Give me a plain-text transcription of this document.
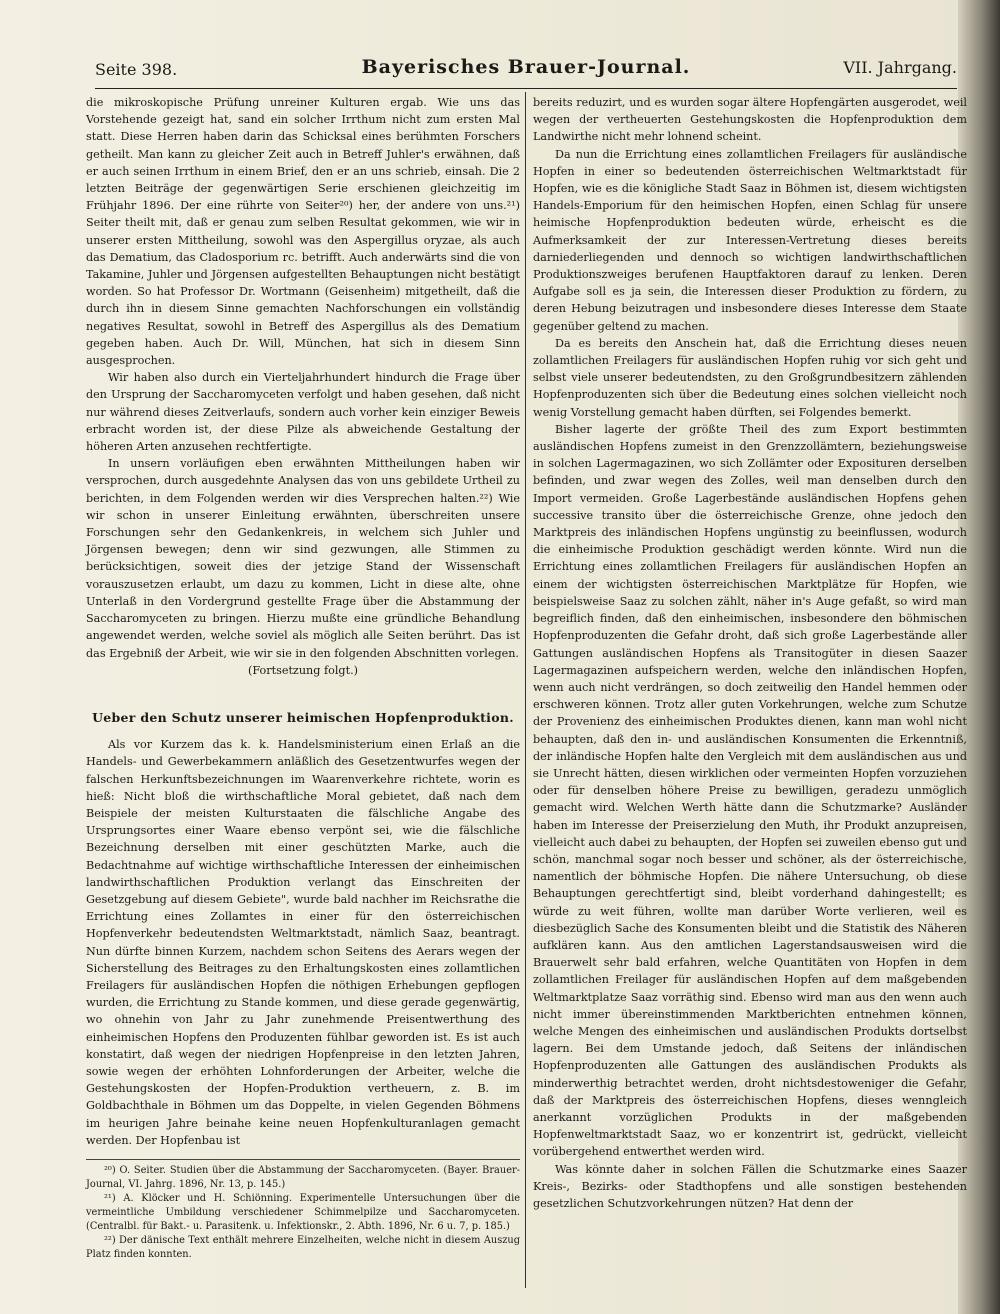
Seite 398.	Bayerisches Brauer-Journal.	VII. Jahrgang.

die mikroskopische Prüfung unreiner Kulturen ergab. Wie uns das Vorstehende gezeigt hat, sand ein solcher Irrthum nicht zum ersten Mal statt. Diese Herren haben darin das Schicksal eines berühmten Forschers getheilt. Man kann zu gleicher Zeit auch in Betreff Juhler's erwähnen, daß er auch seinen Irrthum in einem Brief, den er an uns schrieb, einsah. Die 2 letzten Beiträge der gegenwärtigen Serie erschienen gleichzeitig im Frühjahr 1896. Der eine rührte von Seiter²⁰) her, der andere von uns.²¹) Seiter theilt mit, daß er genau zum selben Resultat gekommen, wie wir in unserer ersten Mittheilung, sowohl was den Aspergillus oryzae, als auch das Dematium, das Cladosporium rc. betrifft. Auch anderwärts sind die von Takamine, Juhler und Jörgensen aufgestellten Behauptungen nicht bestätigt worden. So hat Professor Dr. Wortmann (Geisenheim) mitgetheilt, daß die durch ihn in diesem Sinne gemachten Nachforschungen ein vollständig negatives Resultat, sowohl in Betreff des Aspergillus als des Dematium gegeben haben. Auch Dr. Will, München, hat sich in diesem Sinn ausgesprochen.

Wir haben also durch ein Vierteljahrhundert hindurch die Frage über den Ursprung der Saccharomyceten verfolgt und haben gesehen, daß nicht nur während dieses Zeitverlaufs, sondern auch vorher kein einziger Beweis erbracht worden ist, der diese Pilze als abweichende Gestaltung der höheren Arten anzusehen rechtfertigte.

In unsern vorläufigen eben erwähnten Mittheilungen haben wir versprochen, durch ausgedehnte Analysen das von uns gebildete Urtheil zu berichten, in dem Folgenden werden wir dies Versprechen halten.²²) Wie wir schon in unserer Einleitung erwähnten, überschreiten unsere Forschungen sehr den Gedankenkreis, in welchem sich Juhler und Jörgensen bewegen; denn wir sind gezwungen, alle Stimmen zu berücksichtigen, soweit dies der jetzige Stand der Wissenschaft vorauszusetzen erlaubt, um dazu zu kommen, Licht in diese alte, ohne Unterlaß in den Vordergrund gestellte Frage über die Abstammung der Saccharomyceten zu bringen. Hierzu mußte eine gründliche Behandlung angewendet werden, welche soviel als möglich alle Seiten berührt. Das ist das Ergebniß der Arbeit, wie wir sie in den folgenden Abschnitten vorlegen.

(Fortsetzung folgt.)

Ueber den Schutz unserer heimischen Hopfenproduktion.

Als vor Kurzem das k. k. Handelsministerium einen Erlaß an die Handels- und Gewerbekammern anläßlich des Gesetzentwurfes wegen der falschen Herkunftsbezeichnungen im Waarenverkehre richtete, worin es hieß: Nicht bloß die wirthschaftliche Moral gebietet, daß nach dem Beispiele der meisten Kulturstaaten die fälschliche Angabe des Ursprungsortes einer Waare ebenso verpönt sei, wie die fälschliche Bezeichnung derselben mit einer geschützten Marke, auch die Bedachtnahme auf wichtige wirthschaftliche Interessen der einheimischen landwirthschaftlichen Produktion verlangt das Einschreiten der Gesetzgebung auf diesem Gebiete", wurde bald nachher im Reichsrathe die Errichtung eines Zollamtes in einer für den österreichischen Hopfenverkehr bedeutendsten Weltmarktstadt, nämlich Saaz, beantragt. Nun dürfte binnen Kurzem, nachdem schon Seitens des Aerars wegen der Sicherstellung des Beitrages zu den Erhaltungskosten eines zollamtlichen Freilagers für ausländischen Hopfen die nöthigen Erhebungen gepflogen wurden, die Errichtung zu Stande kommen, und diese gerade gegenwärtig, wo ohnehin von Jahr zu Jahr zunehmende Preisentwerthung des einheimischen Hopfens den Produzenten fühlbar geworden ist. Es ist auch konstatirt, daß wegen der niedrigen Hopfenpreise in den letzten Jahren, sowie wegen der erhöhten Lohnforderungen der Arbeiter, welche die Gestehungskosten der Hopfen-Produktion vertheuern, z. B. im Goldbachthale in Böhmen um das Doppelte, in vielen Gegenden Böhmens im heurigen Jahre beinahe keine neuen Hopfenkulturanlagen gemacht werden. Der Hopfenbau ist

²⁰) O. Seiter. Studien über die Abstammung der Saccharomyceten. (Bayer. Brauer-Journal, VI. Jahrg. 1896, Nr. 13, p. 145.)

²¹) A. Klöcker und H. Schiönning. Experimentelle Untersuchungen über die vermeintliche Umbildung verschiedener Schimmelpilze und Saccharomyceten. (Centralbl. für Bakt.- u. Parasitenk. u. Infektionskr., 2. Abth. 1896, Nr. 6 u. 7, p. 185.)

²²) Der dänische Text enthält mehrere Einzelheiten, welche nicht in diesem Auszug Platz finden konnten.

bereits reduzirt, und es wurden sogar ältere Hopfengärten ausgerodet, weil wegen der vertheuerten Gestehungskosten die Hopfenproduktion dem Landwirthe nicht mehr lohnend scheint.

Da nun die Errichtung eines zollamtlichen Freilagers für ausländische Hopfen in einer so bedeutenden österreichischen Weltmarktstadt für Hopfen, wie es die königliche Stadt Saaz in Böhmen ist, diesem wichtigsten Handels-Emporium für den heimischen Hopfen, einen Schlag für unsere heimische Hopfenproduktion bedeuten würde, erheischt es die Aufmerksamkeit der zur Interessen-Vertretung dieses bereits darniederliegenden und dennoch so wichtigen landwirthschaftlichen Produktionszweiges berufenen Hauptfaktoren darauf zu lenken. Deren Aufgabe soll es ja sein, die Interessen dieser Produktion zu fördern, zu deren Hebung beizutragen und insbesondere dieses Interesse dem Staate gegenüber geltend zu machen.

Da es bereits den Anschein hat, daß die Errichtung dieses neuen zollamtlichen Freilagers für ausländischen Hopfen ruhig vor sich geht und selbst viele unserer bedeutendsten, zu den Großgrundbesitzern zählenden Hopfenproduzenten sich über die Bedeutung eines solchen vielleicht noch wenig Vorstellung gemacht haben dürften, sei Folgendes bemerkt.

Bisher lagerte der größte Theil des zum Export bestimmten ausländischen Hopfens zumeist in den Grenzzollämtern, beziehungsweise in solchen Lagermagazinen, wo sich Zollämter oder Exposituren derselben befinden, und zwar wegen des Zolles, weil man denselben durch den Import vermeiden. Große Lagerbestände ausländischen Hopfens gehen successive transito über die österreichische Grenze, ohne jedoch den Marktpreis des inländischen Hopfens ungünstig zu beeinflussen, wodurch die einheimische Produktion geschädigt werden könnte. Wird nun die Errichtung eines zollamtlichen Freilagers für ausländischen Hopfen an einem der wichtigsten österreichischen Marktplätze für Hopfen, wie beispielsweise Saaz zu solchen zählt, näher in's Auge gefaßt, so wird man begreiflich finden, daß den einheimischen, insbesondere den böhmischen Hopfenproduzenten die Gefahr droht, daß sich große Lagerbestände aller Gattungen ausländischen Hopfens als Transitogüter in diesen Saazer Lagermagazinen aufspeichern werden, welche den inländischen Hopfen, wenn auch nicht verdrängen, so doch zeitweilig den Handel hemmen oder erschweren können. Trotz aller guten Vorkehrungen, welche zum Schutze der Provenienz des einheimischen Produktes dienen, kann man wohl nicht behaupten, daß den in- und ausländischen Konsumenten die Erkenntniß, der inländische Hopfen halte den Vergleich mit dem ausländischen aus und sie Unrecht hätten, diesen wirklichen oder vermeinten Hopfen vorzuziehen oder für denselben höhere Preise zu bewilligen, geradezu unmöglich gemacht wird. Welchen Werth hätte dann die Schutzmarke? Ausländer haben im Interesse der Preiserzielung den Muth, ihr Produkt anzupreisen, vielleicht auch dabei zu behaupten, der Hopfen sei zuweilen ebenso gut und schön, manchmal sogar noch besser und schöner, als der österreichische, namentlich der böhmische Hopfen. Die nähere Untersuchung, ob diese Behauptungen gerechtfertigt sind, bleibt vorderhand dahingestellt; es würde zu weit führen, wollte man darüber Worte verlieren, weil es diesbezüglich Sache des Konsumenten bleibt und die Statistik des Näheren aufklären kann. Aus den amtlichen Lagerstandsausweisen wird die Brauerwelt sehr bald erfahren, welche Quantitäten von Hopfen in dem zollamtlichen Freilager für ausländischen Hopfen auf dem maßgebenden Weltmarktplatze Saaz vorräthig sind. Ebenso wird man aus den wenn auch nicht immer übereinstimmenden Marktberichten entnehmen können, welche Mengen des einheimischen und ausländischen Produkts dortselbst lagern. Bei dem Umstande jedoch, daß Seitens der inländischen Hopfenproduzenten alle Gattungen des ausländischen Produkts als minderwerthig betrachtet werden, droht nichtsdestoweniger die Gefahr, daß der Marktpreis des österreichischen Hopfens, dieses wenngleich anerkannt vorzüglichen Produkts in der maßgebenden Hopfenweltmarktstadt Saaz, wo er konzentrirt ist, gedrückt, vielleicht vorübergehend entwerthet werden wird.

Was könnte daher in solchen Fällen die Schutzmarke eines Saazer Kreis-, Bezirks- oder Stadthopfens und alle sonstigen bestehenden gesetzlichen Schutzvorkehrungen nützen? Hat denn der
